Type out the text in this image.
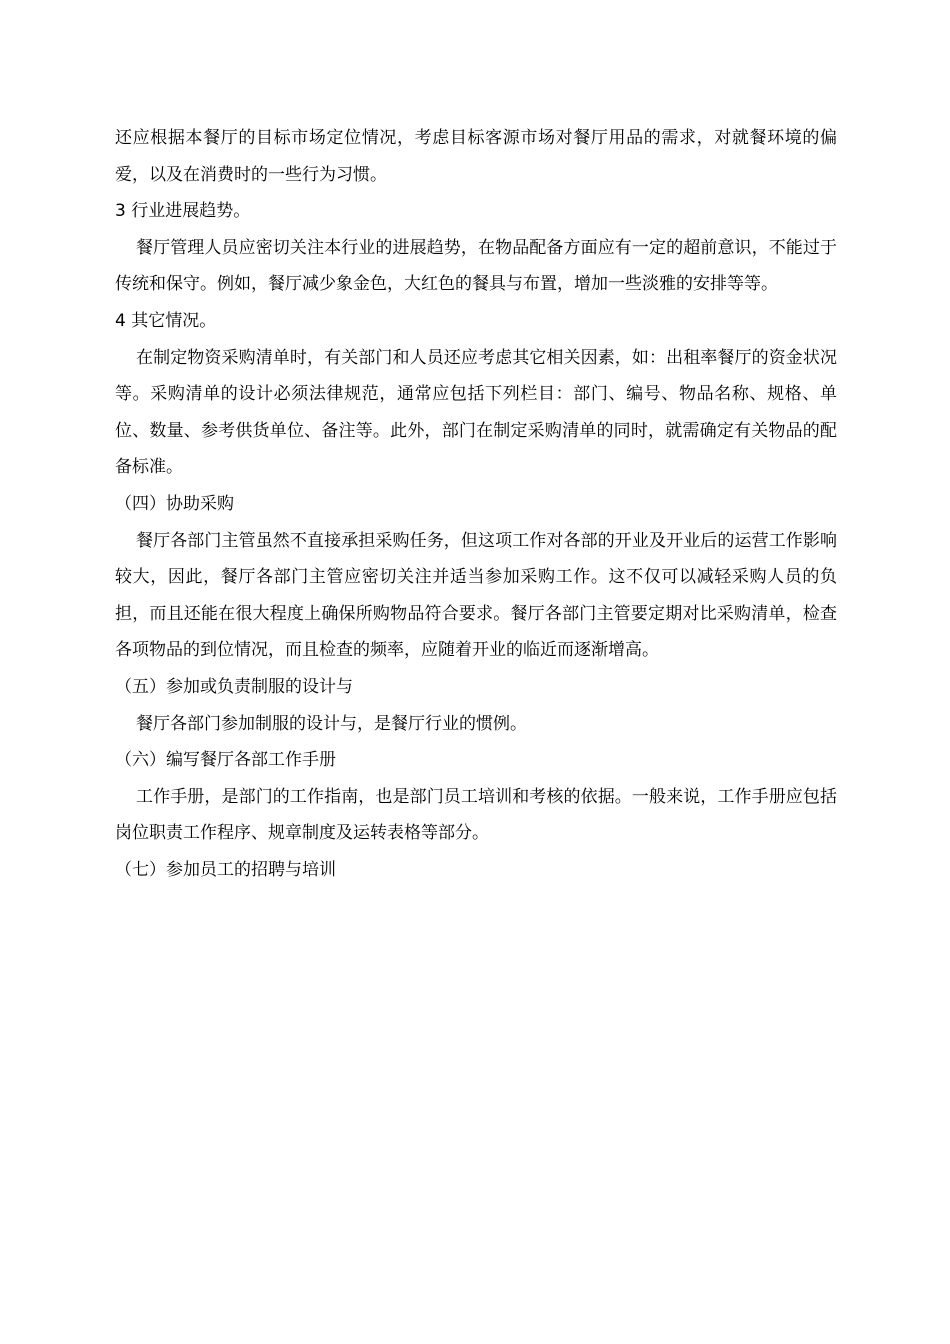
还应根据本餐厅的目标市场定位情况，考虑目标客源市场对餐厅用品的需求，对就餐环境的偏爱，以及在消费时的一些行为习惯。

3 行业进展趋势。

餐厅管理人员应密切关注本行业的进展趋势，在物品配备方面应有一定的超前意识，不能过于传统和保守。例如，餐厅减少象金色，大红色的餐具与布置，增加一些淡雅的安排等等。

4 其它情况。

在制定物资采购清单时，有关部门和人员还应考虑其它相关因素，如：出租率餐厅的资金状况等。采购清单的设计必须法律规范，通常应包括下列栏目：部门、编号、物品名称、规格、单位、数量、参考供货单位、备注等。此外，部门在制定采购清单的同时，就需确定有关物品的配备标准。

（四）协助采购

餐厅各部门主管虽然不直接承担采购任务，但这项工作对各部的开业及开业后的运营工作影响较大，因此，餐厅各部门主管应密切关注并适当参加采购工作。这不仅可以减轻采购人员的负担，而且还能在很大程度上确保所购物品符合要求。餐厅各部门主管要定期对比采购清单，检查各项物品的到位情况，而且检查的频率，应随着开业的临近而逐渐增高。

（五）参加或负责制服的设计与

餐厅各部门参加制服的设计与，是餐厅行业的惯例。

（六）编写餐厅各部工作手册

工作手册，是部门的工作指南，也是部门员工培训和考核的依据。一般来说，工作手册应包括岗位职责工作程序、规章制度及运转表格等部分。

（七）参加员工的招聘与培训
